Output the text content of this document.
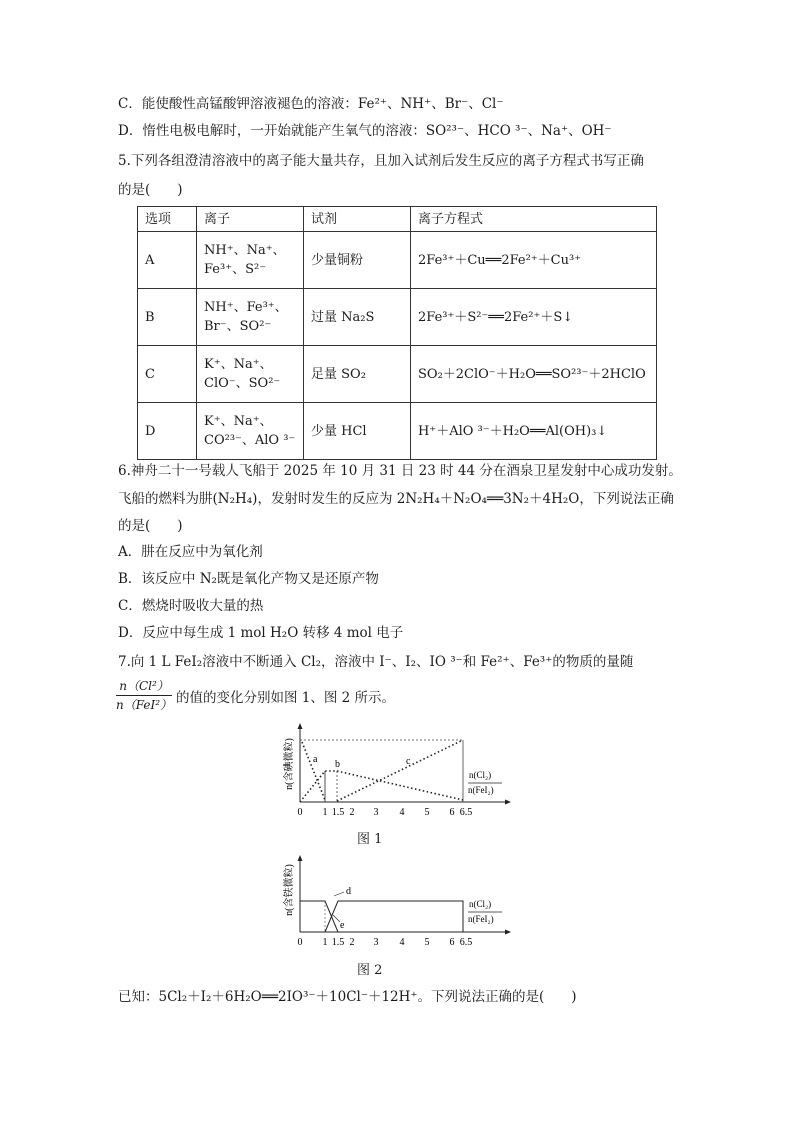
C．能使酸性高锰酸钾溶液褪色的溶液：Fe²⁺、NH⁺、Br⁻、Cl⁻
D．惰性电极电解时，一开始就能产生氧气的溶液：SO²³⁻、HCO ³⁻、Na⁺、OH⁻
5.下列各组澄清溶液中的离子能大量共存，且加入试剂后发生反应的离子方程式书写正确
的是(　　)
选项	离子	试剂	离子方程式
A	NH⁺、Na⁺、
Fe³⁺、S²⁻	少量铜粉	2Fe³⁺＋Cu══2Fe²⁺＋Cu³⁺
B	NH⁺、Fe³⁺、
Br⁻、SO²⁻	过量 Na₂S	2Fe³⁺＋S²⁻══2Fe²⁺＋S↓
C	K⁺、Na⁺、
ClO⁻、SO²⁻	足量 SO₂	SO₂＋2ClO⁻＋H₂O══SO²³⁻＋2HClO
D	K⁺、Na⁺、
CO²³⁻、AlO ³⁻	少量 HCl	H⁺＋AlO ³⁻＋H₂O══Al(OH)₃↓
6.神舟二十一号载人飞船于 2025 年 10 月 31 日 23 时 44 分在酒泉卫星发射中心成功发射。
飞船的燃料为肼(N₂H₄)，发射时发生的反应为 2N₂H₄＋N₂O₄══3N₂＋4H₂O，下列说法正确
的是(　　)
A．肼在反应中为氧化剂
B．该反应中 N₂既是氧化产物又是还原产物
C．燃烧时吸收大量的热
D．反应中每生成 1 mol H₂O 转移 4 mol 电子
7.向 1 L FeI₂溶液中不断通入 Cl₂，溶液中 I⁻、I₂、IO ³⁻和 Fe²⁺、Fe³⁺的物质的量随
n（Cl²）
n（FeI²） 的值的变化分别如图 1、图 2 所示。
n(含碘微粒) a b	c
n(Cl₂)
n(FeI₂)
0 1 1.5 2 3 4 5 6 6.5
图 1
n(含铁微粒)	d
e
n(Cl₂)
n(FeI₂)
0 1 1.5 2 3 4 5 6 6.5
图 2
已知：5Cl₂＋I₂＋6H₂O══2IO³⁻＋10Cl⁻＋12H⁺。下列说法正确的是(　　)
